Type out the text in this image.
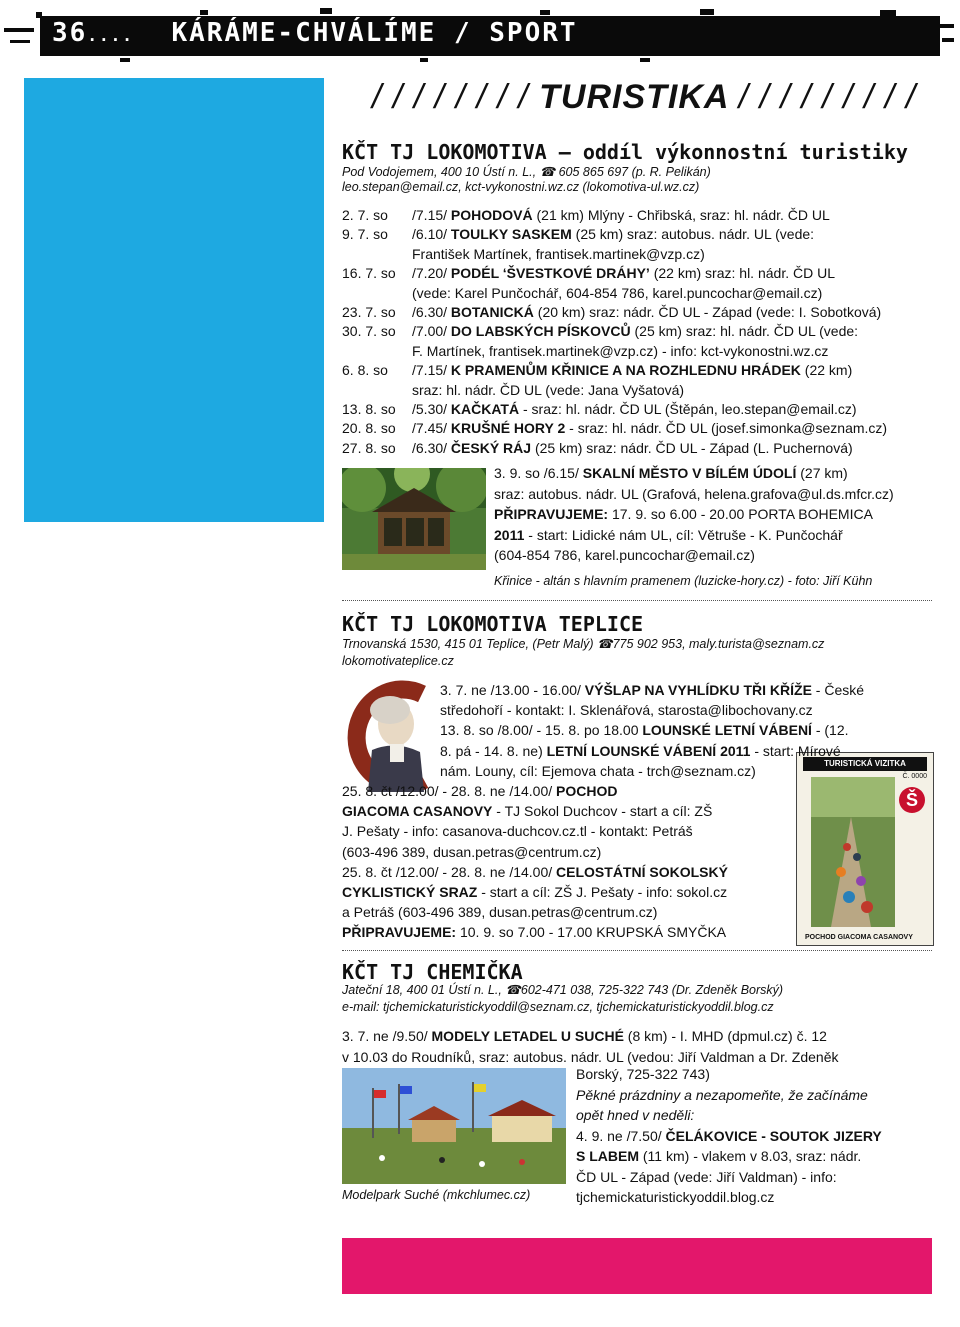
36.... KÁRÁME-CHVÁLÍME / SPORT
/ / / / / / / / TURISTIKA / / / / / / / / /
KČT TJ LOKOMOTIVA – oddíl výkonnostní turistiky
Pod Vodojemem, 400 10 Ústí n. L., ☎ 605 865 697 (p. R. Pelikán)
leo.stepan@email.cz, kct-vykonostni.wz.cz (lokomotiva-ul.wz.cz)
2. 7. so /7.15/ POHODOVÁ (21 km) Mlýny - Chřibská, sraz: hl. nádr. ČD UL
9. 7. so /6.10/ TOULKY SASKEM (25 km) sraz: autobus. nádr. UL (vede:
František Martínek, frantisek.martinek@vzp.cz)
16. 7. so /7.20/ PODÉL ‘ŠVESTKOVÉ DRÁHY’ (22 km) sraz: hl. nádr. ČD UL
(vede: Karel Punčochář, 604-854 786, karel.puncochar@email.cz)
23. 7. so /6.30/ BOTANICKÁ (20 km) sraz: nádr. ČD UL - Západ (vede: I. Sobotková)
30. 7. so /7.00/ DO LABSKÝCH PÍSKOVCŮ (25 km) sraz: hl. nádr. ČD UL (vede:
F. Martínek, frantisek.martinek@vzp.cz) - info: kct-vykonostni.wz.cz
6. 8. so /7.15/ K PRAMENŮM KŘINICE A NA ROZHLEDNU HRÁDEK (22 km)
sraz: hl. nádr. ČD UL (vede: Jana Vyšatová)
13. 8. so /5.30/ KAČKATÁ - sraz: hl. nádr. ČD UL (Štěpán, leo.stepan@email.cz)
20. 8. so /7.45/ KRUŠNÉ HORY 2 - sraz: hl. nádr. ČD UL (josef.simonka@seznam.cz)
27. 8. so /6.30/ ČESKÝ RÁJ (25 km) sraz: nádr. ČD UL - Západ (L. Puchernová)
3. 9. so /6.15/ SKALNÍ MĚSTO V BÍLÉM ÚDOLÍ (27 km)
sraz: autobus. nádr. UL (Grafová, helena.grafova@ul.ds.mfcr.cz)
PŘIPRAVUJEME: 17. 9. so 6.00 - 20.00 PORTA BOHEMICA
2011 - start: Lidické nám UL, cíl: Větruše - K. Punčochář
(604-854 786, karel.puncochar@email.cz)
Křinice - altán s hlavním pramenem (luzicke-hory.cz) - foto: Jiří Kühn
KČT TJ LOKOMOTIVA TEPLICE
Trnovanská 1530, 415 01 Teplice, (Petr Malý) ☎775 902 953, maly.turista@seznam.cz
lokomotivateplice.cz
TURISTICKÁ VIZITKA
Č. 0000
Š
POCHOD GIACOMA CASANOVY
3. 7. ne /13.00 - 16.00/ VÝŠLAP NA VYHLÍDKU TŘI KŘÍŽE - České
středohoří - kontakt: I. Sklenářová, starosta@libochovany.cz
13. 8. so /8.00/ - 15. 8. po 18.00 LOUNSKÉ LETNÍ VÁBENÍ - (12.
8. pá - 14. 8. ne) LETNÍ LOUNSKÉ VÁBENÍ 2011 - start: Mírové
nám. Louny, cíl: Ejemova chata - trch@seznam.cz)
25. 8. čt /12.00/ - 28. 8. ne /14.00/ POCHOD
GIACOMA CASANOVY - TJ Sokol Duchcov - start a cíl: ZŠ
J. Pešaty - info: casanova-duchcov.cz.tl - kontakt: Petráš
(603-496 389, dusan.petras@centrum.cz)
25. 8. čt /12.00/ - 28. 8. ne /14.00/ CELOSTÁTNÍ SOKOLSKÝ
CYKLISTICKÝ SRAZ - start a cíl: ZŠ J. Pešaty - info: sokol.cz
a Petráš (603-496 389, dusan.petras@centrum.cz)
PŘIPRAVUJEME: 10. 9. so 7.00 - 17.00 KRUPSKÁ SMYČKA
KČT TJ CHEMIČKA
Jateční 18, 400 01 Ústí n. L., ☎602-471 038, 725-322 743 (Dr. Zdeněk Borský)
e-mail: tjchemickaturistickyoddil@seznam.cz, tjchemickaturistickyoddil.blog.cz
3. 7. ne /9.50/ MODELY LETADEL U SUCHÉ (8 km) - I. MHD (dpmul.cz) č. 12
v 10.03 do Roudníků, sraz: autobus. nádr. UL (vedou: Jiří Valdman a Dr. Zdeněk
Modelpark Suché (mkchlumec.cz)
Borský, 725-322 743)
Pěkné prázdniny a nezapomeňte, že začínáme
opět hned v neděli:
4. 9. ne /7.50/ ČELÁKOVICE - SOUTOK JIZERY
S LABEM (11 km) - vlakem v 8.03, sraz: nádr.
ČD UL - Západ (vede: Jiří Valdman) - info:
tjchemickaturistickyoddil.blog.cz
